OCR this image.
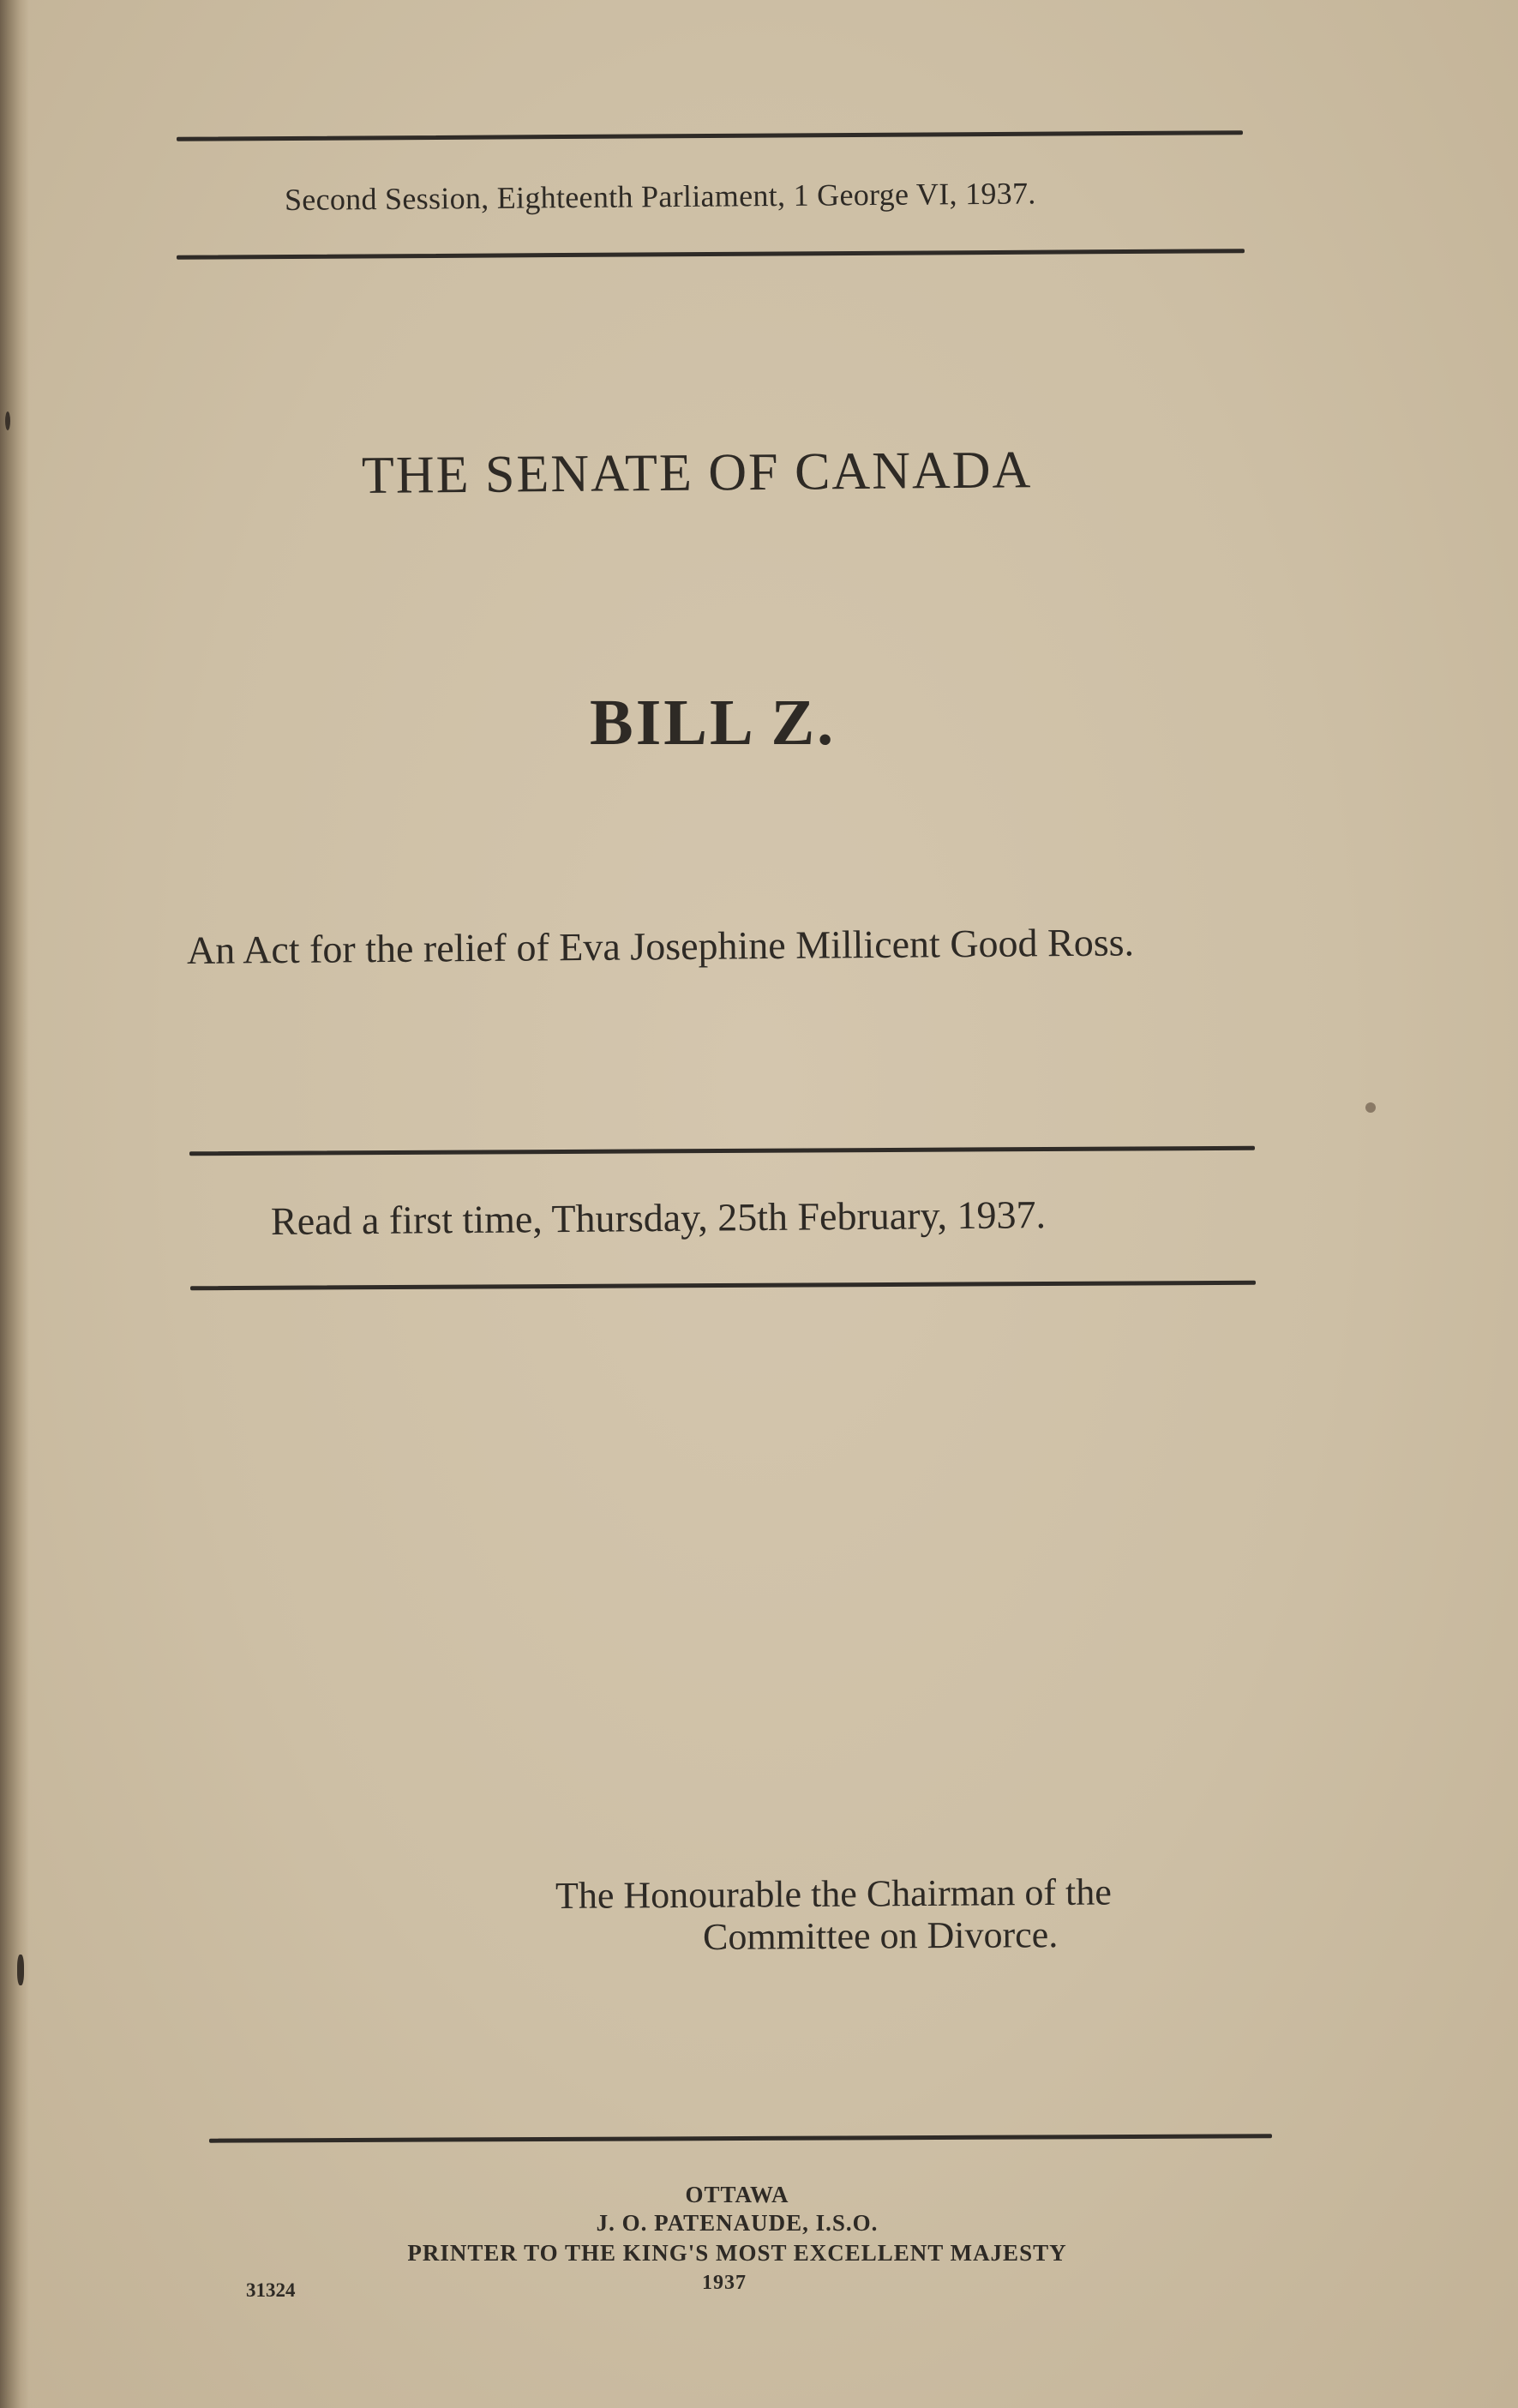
Second Session, Eighteenth Parliament, 1 George VI, 1937.
THE SENATE OF CANADA
BILL Z.
An Act for the relief of Eva Josephine Millicent Good Ross.
Read a first time, Thursday, 25th February, 1937.
The Honourable the Chairman of the
Committee on Divorce.
OTTAWA
J. O. PATENAUDE, I.S.O.
PRINTER TO THE KING'S MOST EXCELLENT MAJESTY
1937
31324
